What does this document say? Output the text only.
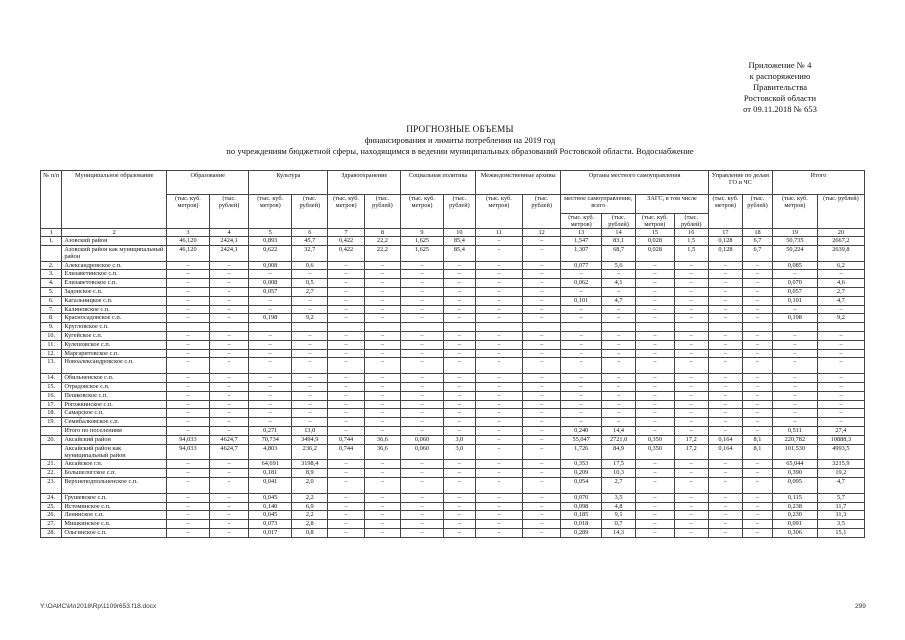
Приложение № 4
к распоряжению
Правительства
Ростовской области
от 09.11.2018 № 653
ПРОГНОЗНЫЕ ОБЪЕМЫ
финансирования и лимиты потребления на 2019 год
по учреждениям бюджетной сферы, находящимся в ведении муниципальных образований Ростовской области. Водоснабжение
№ п/п	Муниципальное образование	Образование		Культура		Здравоохранение		Социальная политика		Межведомственные архивы		Органы местного самоуправления				Управление по делам ГО и ЧС		Итого	
		(тыс. куб. метров)	(тыс. рублей)	(тыс. куб. метров)	(тыс. рублей)	(тыс. куб. метров)	(тыс. рублей)	(тыс. куб. метров)	(тыс. рублей)	(тыс. куб. метров)	(тыс. рублей)	местное самоуправление, всего		ЗАГС, в том числе		(тыс. куб. метров)	(тыс. рублей)	(тыс. куб. метров)	(тыс. рублей)
												(тыс. куб. метров)	(тыс. рублей)	(тыс. куб. метров)	(тыс. рублей)				
1	2	3	4	5	6	7	8	9	10	11	12	13	14	15	16	17	18	19	20
1.	Азовский район	46,120	2424,1	0,893	45,7	0,422	22,2	1,625	85,4	–	–	1,547	83,1	0,028	1,5	0,128	6,7	50,735	2667,2
	Азовский район как муниципальный район	46,120	2424,1	0,622	32,7	0,422	22,2	1,625	85,4	–	–	1,307	68,7	0,028	1,5	0,128	6,7	50,224	2639,8
2.	Александровское с.п.	–	–	0,008	0,6	–	–	–	–	–	–	0,077	5,6	–	–	–	–	0,085	6,2
3.	Елизаветинское с.п.	–	–	–	–	–	–	–	–	–	–	–	–	–	–	–	–	–	–
4.	Елизаветовское с.п.	–	–	0,008	0,5	–	–	–	–	–	–	0,062	4,1	–	–	–	–	0,070	4,6
5.	Задонское с.п.	–	–	0,057	2,7	–	–	–	–	–	–	–	–	–	–	–	–	0,057	2,7
6.	Кагальницкое с.п.	–	–	–	–	–	–	–	–	–	–	0,101	4,7	–	–	–	–	0,101	4,7
7.	Калиновское с.п.	–	–	–	–	–	–	–	–	–	–	–	–	–	–	–	–	–	–
8.	Красносадовское с.п.	–	–	0,198	9,2	–	–	–	–	–	–	–	–	–	–	–	–	0,198	9,2
9.	Кругловское с.п.																		
10.	Кугейское с.п.	–	–	–	–	–	–	–	–	–	–	–	–	–	–	–	–	–	–
11.	Кулешовское с.п.	–	–	–	–	–	–	–	–	–	–	–	–	–	–	–	–	–	–
12.	Маргаритовское с.п.	–	–	–	–	–	–	–	–	–	–	–	–	–	–	–	–	–	–
13.	Новоалександровское с.п.	–	–	–	–	–	–	–	–	–	–	–	–	–	–	–	–	–	–
14.	Обильненское с.п.	–	–	–	–	–	–	–	–	–	–	–	–	–	–	–	–	–	–
15.	Отрадовское с.п.	–	–	–	–	–	–	–	–	–	–	–	–	–	–	–	–	–	–
16.	Пешковское с.п.	–	–	–	–	–	–	–	–	–	–	–	–	–	–	–	–	–	–
17.	Рогожкинское с.п.	–	–	–	–	–	–	–	–	–	–	–	–	–	–	–	–	–	–
18.	Самарское с.п.	–	–	–	–	–	–	–	–	–	–	–	–	–	–	–	–	–	–
19.	Семибалковское с.п.	–	–	–	–	–	–	–	–	–	–	–	–	–	–	–	–	–	–
	Итого по поселениям	–	–	0,271	13,0	–	–	–	–	–	–	0,240	14,4	–	–	–	–	0,511	27,4
20.	Аксайский район	94,033	4624,7	70,734	3494,9	0,744	36,6	0,060	3,0	–	–	55,047	2721,0	0,350	17,2	0,164	8,1	220,782	10888,3
	Аксайский район как муниципальный район	94,033	4624,7	4,803	236,2	0,744	36,6	0,060	3,0	–	–	1,726	84,9	0,350	17,2	0,164	8,1	101,530	4993,5
21.	Аксайское г.п.	–	–	64,691	3198,4	–	–	–	–	–	–	0,353	17,5	–	–	–	–	65,044	3215,9
22.	Большелогское с.п.	–	–	0,181	8,9	–	–	–	–	–	–	0,209	10,3	–	–	–	–	0,390	19,2
23.	Верхнеподпольненское с.п.	–	–	0,041	2,0	–	–	–	–	–	–	0,054	2,7	–	–	–	–	0,095	4,7
24.	Грушевское с.п.	–	–	0,045	2,2	–	–	–	–	–	–	0,070	3,5	–	–	–	–	0,115	5,7
25.	Истоминское с.п.	–	–	0,140	6,9	–	–	–	–	–	–	0,098	4,8	–	–	–	–	0,238	11,7
26.	Ленинское с.п.	–	–	0,045	2,2	–	–	–	–	–	–	0,185	9,1	–	–	–	–	0,230	11,3
27.	Мишкинское с.п.	–	–	0,073	2,8	–	–	–	–	–	–	0,018	0,7	–	–	–	–	0,091	3,5
28.	Ольгинское с.п.	–	–	0,017	0,8	–	–	–	–	–	–	0,289	14,3	–	–	–	–	0,306	15,1
Y:\ОАИС\Ил2018\Rp\1109r653.f18.docx	299
